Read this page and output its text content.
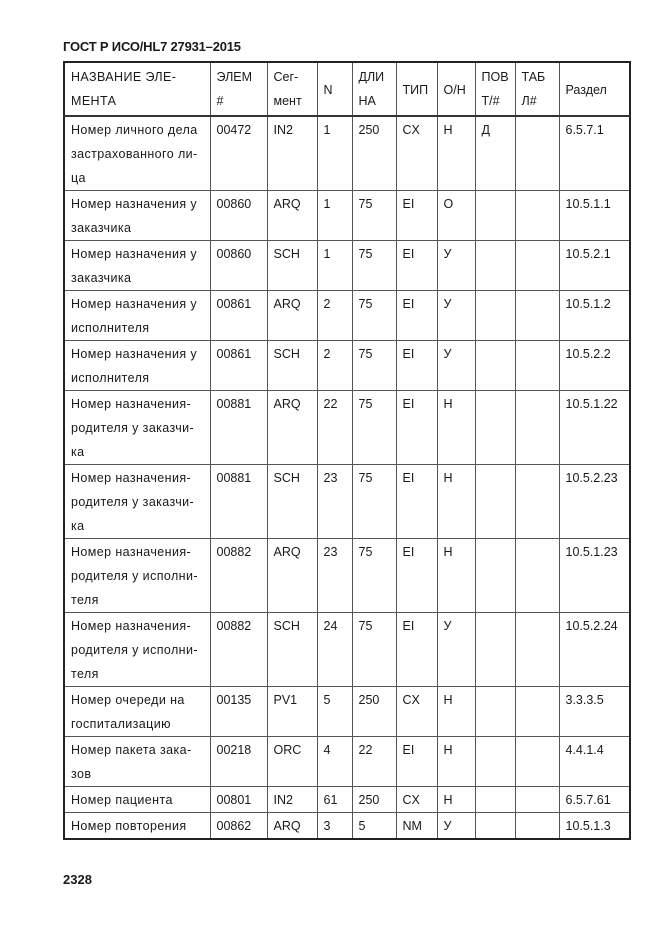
ГОСТ Р ИСО/HL7 27931–2015
НАЗВАНИЕ ЭЛЕ-МЕНТА	ЭЛЕМ #	Сег-мент	N	ДЛИ НА	ТИП	О/Н	ПОВ Т/#	ТАБ Л#	Раздел
Номер личного дела застрахованного ли-ца	00472	IN2	1	250	CX	Н	Д		6.5.7.1
Номер назначения у заказчика	00860	ARQ	1	75	EI	О			10.5.1.1
Номер назначения у заказчика	00860	SCH	1	75	EI	У			10.5.2.1
Номер назначения у исполнителя	00861	ARQ	2	75	EI	У			10.5.1.2
Номер назначения у исполнителя	00861	SCH	2	75	EI	У			10.5.2.2
Номер назначения-родителя у заказчи-ка	00881	ARQ	22	75	EI	Н			10.5.1.22
Номер назначения-родителя у заказчи-ка	00881	SCH	23	75	EI	Н			10.5.2.23
Номер назначения-родителя у исполни-теля	00882	ARQ	23	75	EI	Н			10.5.1.23
Номер назначения-родителя у исполни-теля	00882	SCH	24	75	EI	У			10.5.2.24
Номер очереди на госпитализацию	00135	PV1	5	250	CX	Н			3.3.3.5
Номер пакета зака-зов	00218	ORC	4	22	EI	Н			4.4.1.4
Номер пациента	00801	IN2	61	250	CX	Н			6.5.7.61
Номер повторения	00862	ARQ	3	5	NM	У			10.5.1.3
2328
